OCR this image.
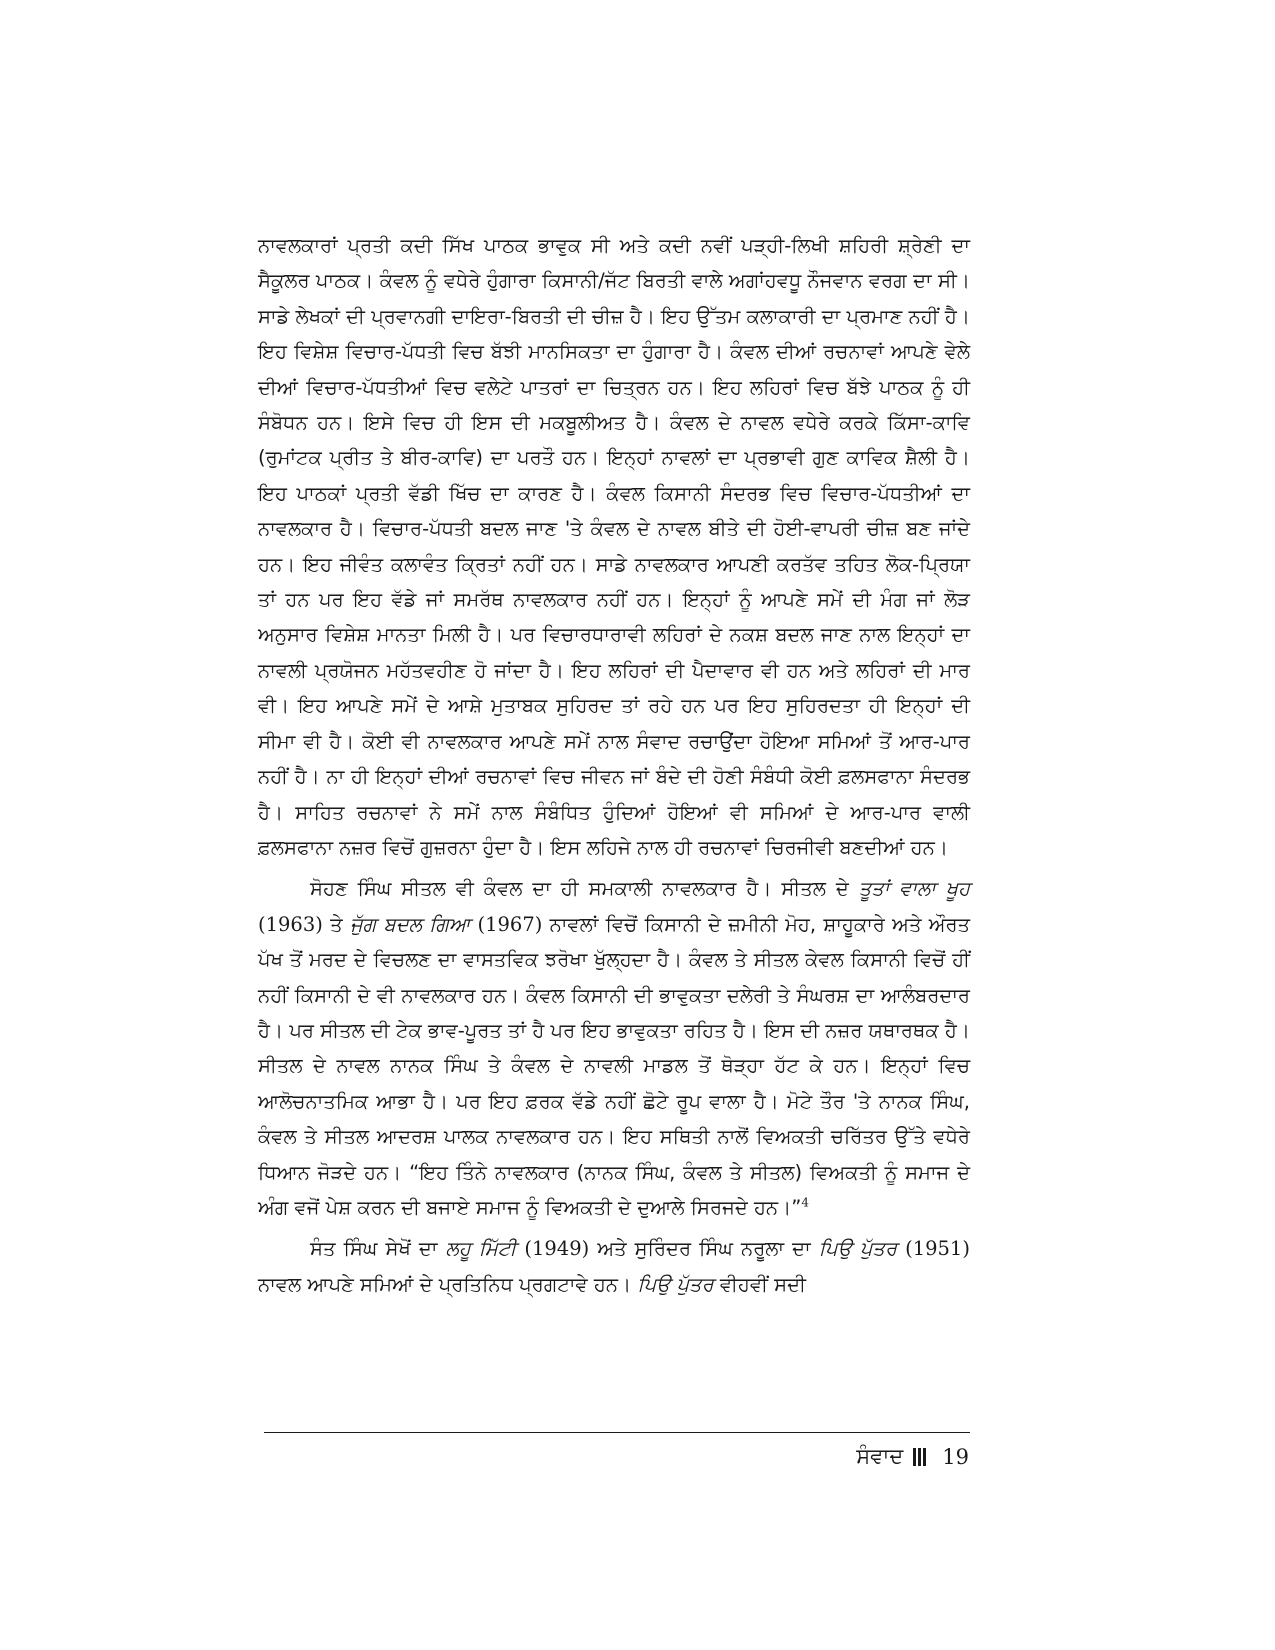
ਨਾਵਲਕਾਰਾਂ ਪ੍ਰਤੀ ਕਦੀ ਸਿੱਖ ਪਾਠਕ ਭਾਵੁਕ ਸੀ ਅਤੇ ਕਦੀ ਨਵੀਂ ਪੜ੍ਹੀ-ਲਿਖੀ ਸ਼ਹਿਰੀ ਸ਼੍ਰੇਣੀ ਦਾ ਸੈਕੂਲਰ ਪਾਠਕ। ਕੰਵਲ ਨੂੰ ਵਧੇਰੇ ਹੁੰਗਾਰਾ ਕਿਸਾਨੀ/ਜੱਟ ਬਿਰਤੀ ਵਾਲੇ ਅਗਾਂਹਵਧੂ ਨੌਜਵਾਨ ਵਰਗ ਦਾ ਸੀ। ਸਾਡੇ ਲੇਖਕਾਂ ਦੀ ਪ੍ਰਵਾਨਗੀ ਦਾਇਰਾ-ਬਿਰਤੀ ਦੀ ਚੀਜ਼ ਹੈ। ਇਹ ਉੱਤਮ ਕਲਾਕਾਰੀ ਦਾ ਪ੍ਰਮਾਣ ਨਹੀਂ ਹੈ। ਇਹ ਵਿਸ਼ੇਸ਼ ਵਿਚਾਰ-ਪੱਧਤੀ ਵਿਚ ਬੱਝੀ ਮਾਨਸਿਕਤਾ ਦਾ ਹੁੰਗਾਰਾ ਹੈ। ਕੰਵਲ ਦੀਆਂ ਰਚਨਾਵਾਂ ਆਪਣੇ ਵੇਲੇ ਦੀਆਂ ਵਿਚਾਰ-ਪੱਧਤੀਆਂ ਵਿਚ ਵਲੇਟੇ ਪਾਤਰਾਂ ਦਾ ਚਿਤ੍ਰਨ ਹਨ। ਇਹ ਲਹਿਰਾਂ ਵਿਚ ਬੱਝੇ ਪਾਠਕ ਨੂੰ ਹੀ ਸੰਬੋਧਨ ਹਨ। ਇਸੇ ਵਿਚ ਹੀ ਇਸ ਦੀ ਮਕਬੂਲੀਅਤ ਹੈ। ਕੰਵਲ ਦੇ ਨਾਵਲ ਵਧੇਰੇ ਕਰਕੇ ਕਿੱਸਾ-ਕਾਵਿ (ਰੁਮਾਂਟਕ ਪ੍ਰੀਤ ਤੇ ਬੀਰ-ਕਾਵਿ) ਦਾ ਪਰਤੌ ਹਨ। ਇਨ੍ਹਾਂ ਨਾਵਲਾਂ ਦਾ ਪ੍ਰਭਾਵੀ ਗੁਣ ਕਾਵਿਕ ਸ਼ੈਲੀ ਹੈ। ਇਹ ਪਾਠਕਾਂ ਪ੍ਰਤੀ ਵੱਡੀ ਖਿੱਚ ਦਾ ਕਾਰਣ ਹੈ। ਕੰਵਲ ਕਿਸਾਨੀ ਸੰਦਰਭ ਵਿਚ ਵਿਚਾਰ-ਪੱਧਤੀਆਂ ਦਾ ਨਾਵਲਕਾਰ ਹੈ। ਵਿਚਾਰ-ਪੱਧਤੀ ਬਦਲ ਜਾਣ 'ਤੇ ਕੰਵਲ ਦੇ ਨਾਵਲ ਬੀਤੇ ਦੀ ਹੋਈ-ਵਾਪਰੀ ਚੀਜ਼ ਬਣ ਜਾਂਦੇ ਹਨ। ਇਹ ਜੀਵੰਤ ਕਲਾਵੰਤ ਕ੍ਰਿਤਾਂ ਨਹੀਂ ਹਨ। ਸਾਡੇ ਨਾਵਲਕਾਰ ਆਪਣੀ ਕਰਤੱਵ ਤਹਿਤ ਲੋਕ-ਪ੍ਰਿਯਾ ਤਾਂ ਹਨ ਪਰ ਇਹ ਵੱਡੇ ਜਾਂ ਸਮਰੱਥ ਨਾਵਲਕਾਰ ਨਹੀਂ ਹਨ। ਇਨ੍ਹਾਂ ਨੂੰ ਆਪਣੇ ਸਮੇਂ ਦੀ ਮੰਗ ਜਾਂ ਲੋੜ ਅਨੁਸਾਰ ਵਿਸ਼ੇਸ਼ ਮਾਨਤਾ ਮਿਲੀ ਹੈ। ਪਰ ਵਿਚਾਰਧਾਰਾਵੀ ਲਹਿਰਾਂ ਦੇ ਨਕਸ਼ ਬਦਲ ਜਾਣ ਨਾਲ ਇਨ੍ਹਾਂ ਦਾ ਨਾਵਲੀ ਪ੍ਰਯੋਜਨ ਮਹੱਤਵਹੀਣ ਹੋ ਜਾਂਦਾ ਹੈ। ਇਹ ਲਹਿਰਾਂ ਦੀ ਪੈਦਾਵਾਰ ਵੀ ਹਨ ਅਤੇ ਲਹਿਰਾਂ ਦੀ ਮਾਰ ਵੀ। ਇਹ ਆਪਣੇ ਸਮੇਂ ਦੇ ਆਸ਼ੇ ਮੁਤਾਬਕ ਸੁਹਿਰਦ ਤਾਂ ਰਹੇ ਹਨ ਪਰ ਇਹ ਸੁਹਿਰਦਤਾ ਹੀ ਇਨ੍ਹਾਂ ਦੀ ਸੀਮਾ ਵੀ ਹੈ। ਕੋਈ ਵੀ ਨਾਵਲਕਾਰ ਆਪਣੇ ਸਮੇਂ ਨਾਲ ਸੰਵਾਦ ਰਚਾਉਂਦਾ ਹੋਇਆ ਸਮਿਆਂ ਤੋਂ ਆਰ-ਪਾਰ ਨਹੀਂ ਹੈ। ਨਾ ਹੀ ਇਨ੍ਹਾਂ ਦੀਆਂ ਰਚਨਾਵਾਂ ਵਿਚ ਜੀਵਨ ਜਾਂ ਬੰਦੇ ਦੀ ਹੋਣੀ ਸੰਬੰਧੀ ਕੋਈ ਫ਼ਲਸਫਾਨਾ ਸੰਦਰਭ ਹੈ। ਸਾਹਿਤ ਰਚਨਾਵਾਂ ਨੇ ਸਮੇਂ ਨਾਲ ਸੰਬੰਧਿਤ ਹੁੰਦਿਆਂ ਹੋਇਆਂ ਵੀ ਸਮਿਆਂ ਦੇ ਆਰ-ਪਾਰ ਵਾਲੀ ਫ਼ਲਸਫਾਨਾ ਨਜ਼ਰ ਵਿਚੋਂ ਗੁਜ਼ਰਨਾ ਹੁੰਦਾ ਹੈ। ਇਸ ਲਹਿਜੇ ਨਾਲ ਹੀ ਰਚਨਾਵਾਂ ਚਿਰਜੀਵੀ ਬਣਦੀਆਂ ਹਨ।

ਸੋਹਣ ਸਿੰਘ ਸੀਤਲ ਵੀ ਕੰਵਲ ਦਾ ਹੀ ਸਮਕਾਲੀ ਨਾਵਲਕਾਰ ਹੈ। ਸੀਤਲ ਦੇ ਤੂਤਾਂ ਵਾਲਾ ਖੂਹ (1963) ਤੇ ਜੁੱਗ ਬਦਲ ਗਿਆ (1967) ਨਾਵਲਾਂ ਵਿਚੋਂ ਕਿਸਾਨੀ ਦੇ ਜ਼ਮੀਨੀ ਮੋਹ, ਸ਼ਾਹੂਕਾਰੇ ਅਤੇ ਔਰਤ ਪੱਖ ਤੋਂ ਮਰਦ ਦੇ ਵਿਚਲਣ ਦਾ ਵਾਸਤਵਿਕ ਝਰੋਖਾ ਖੁੱਲ੍ਹਦਾ ਹੈ। ਕੰਵਲ ਤੇ ਸੀਤਲ ਕੇਵਲ ਕਿਸਾਨੀ ਵਿਚੋਂ ਹੀਂ ਨਹੀਂ ਕਿਸਾਨੀ ਦੇ ਵੀ ਨਾਵਲਕਾਰ ਹਨ। ਕੰਵਲ ਕਿਸਾਨੀ ਦੀ ਭਾਵੁਕਤਾ ਦਲੇਰੀ ਤੇ ਸੰਘਰਸ਼ ਦਾ ਆਲੰਬਰਦਾਰ ਹੈ। ਪਰ ਸੀਤਲ ਦੀ ਟੇਕ ਭਾਵ-ਪੂਰਤ ਤਾਂ ਹੈ ਪਰ ਇਹ ਭਾਵੁਕਤਾ ਰਹਿਤ ਹੈ। ਇਸ ਦੀ ਨਜ਼ਰ ਯਥਾਰਥਕ ਹੈ। ਸੀਤਲ ਦੇ ਨਾਵਲ ਨਾਨਕ ਸਿੰਘ ਤੇ ਕੰਵਲ ਦੇ ਨਾਵਲੀ ਮਾਡਲ ਤੋਂ ਥੋੜ੍ਹਾ ਹੱਟ ਕੇ ਹਨ। ਇਨ੍ਹਾਂ ਵਿਚ ਆਲੋਚਨਾਤਮਿਕ ਆਭਾ ਹੈ। ਪਰ ਇਹ ਫ਼ਰਕ ਵੱਡੇ ਨਹੀਂ ਛੋਟੇ ਰੂਪ ਵਾਲਾ ਹੈ। ਮੋਟੇ ਤੌਰ 'ਤੇ ਨਾਨਕ ਸਿੰਘ, ਕੰਵਲ ਤੇ ਸੀਤਲ ਆਦਰਸ਼ ਪਾਲਕ ਨਾਵਲਕਾਰ ਹਨ। ਇਹ ਸਥਿਤੀ ਨਾਲੋਂ ਵਿਅਕਤੀ ਚਰਿੱਤਰ ਉੱਤੇ ਵਧੇਰੇ ਧਿਆਨ ਜੋੜਦੇ ਹਨ। “ਇਹ ਤਿੰਨੇ ਨਾਵਲਕਾਰ (ਨਾਨਕ ਸਿੰਘ, ਕੰਵਲ ਤੇ ਸੀਤਲ) ਵਿਅਕਤੀ ਨੂੰ ਸਮਾਜ ਦੇ ਅੰਗ ਵਜੋਂ ਪੇਸ਼ ਕਰਨ ਦੀ ਬਜਾਏ ਸਮਾਜ ਨੂੰ ਵਿਅਕਤੀ ਦੇ ਦੁਆਲੇ ਸਿਰਜਦੇ ਹਨ।”$^4$

ਸੰਤ ਸਿੰਘ ਸੇਖੋਂ ਦਾ ਲਹੂ ਮਿੱਟੀ (1949) ਅਤੇ ਸੁਰਿੰਦਰ ਸਿੰਘ ਨਰੂਲਾ ਦਾ ਪਿਉ ਪੁੱਤਰ (1951) ਨਾਵਲ ਆਪਣੇ ਸਮਿਆਂ ਦੇ ਪ੍ਰਤਿਨਿਧ ਪ੍ਰਗਟਾਵੇ ਹਨ। ਪਿਉ ਪੁੱਤਰ ਵੀਹਵੀਂ ਸਦੀ

ਸੰਵਾਦ 19
